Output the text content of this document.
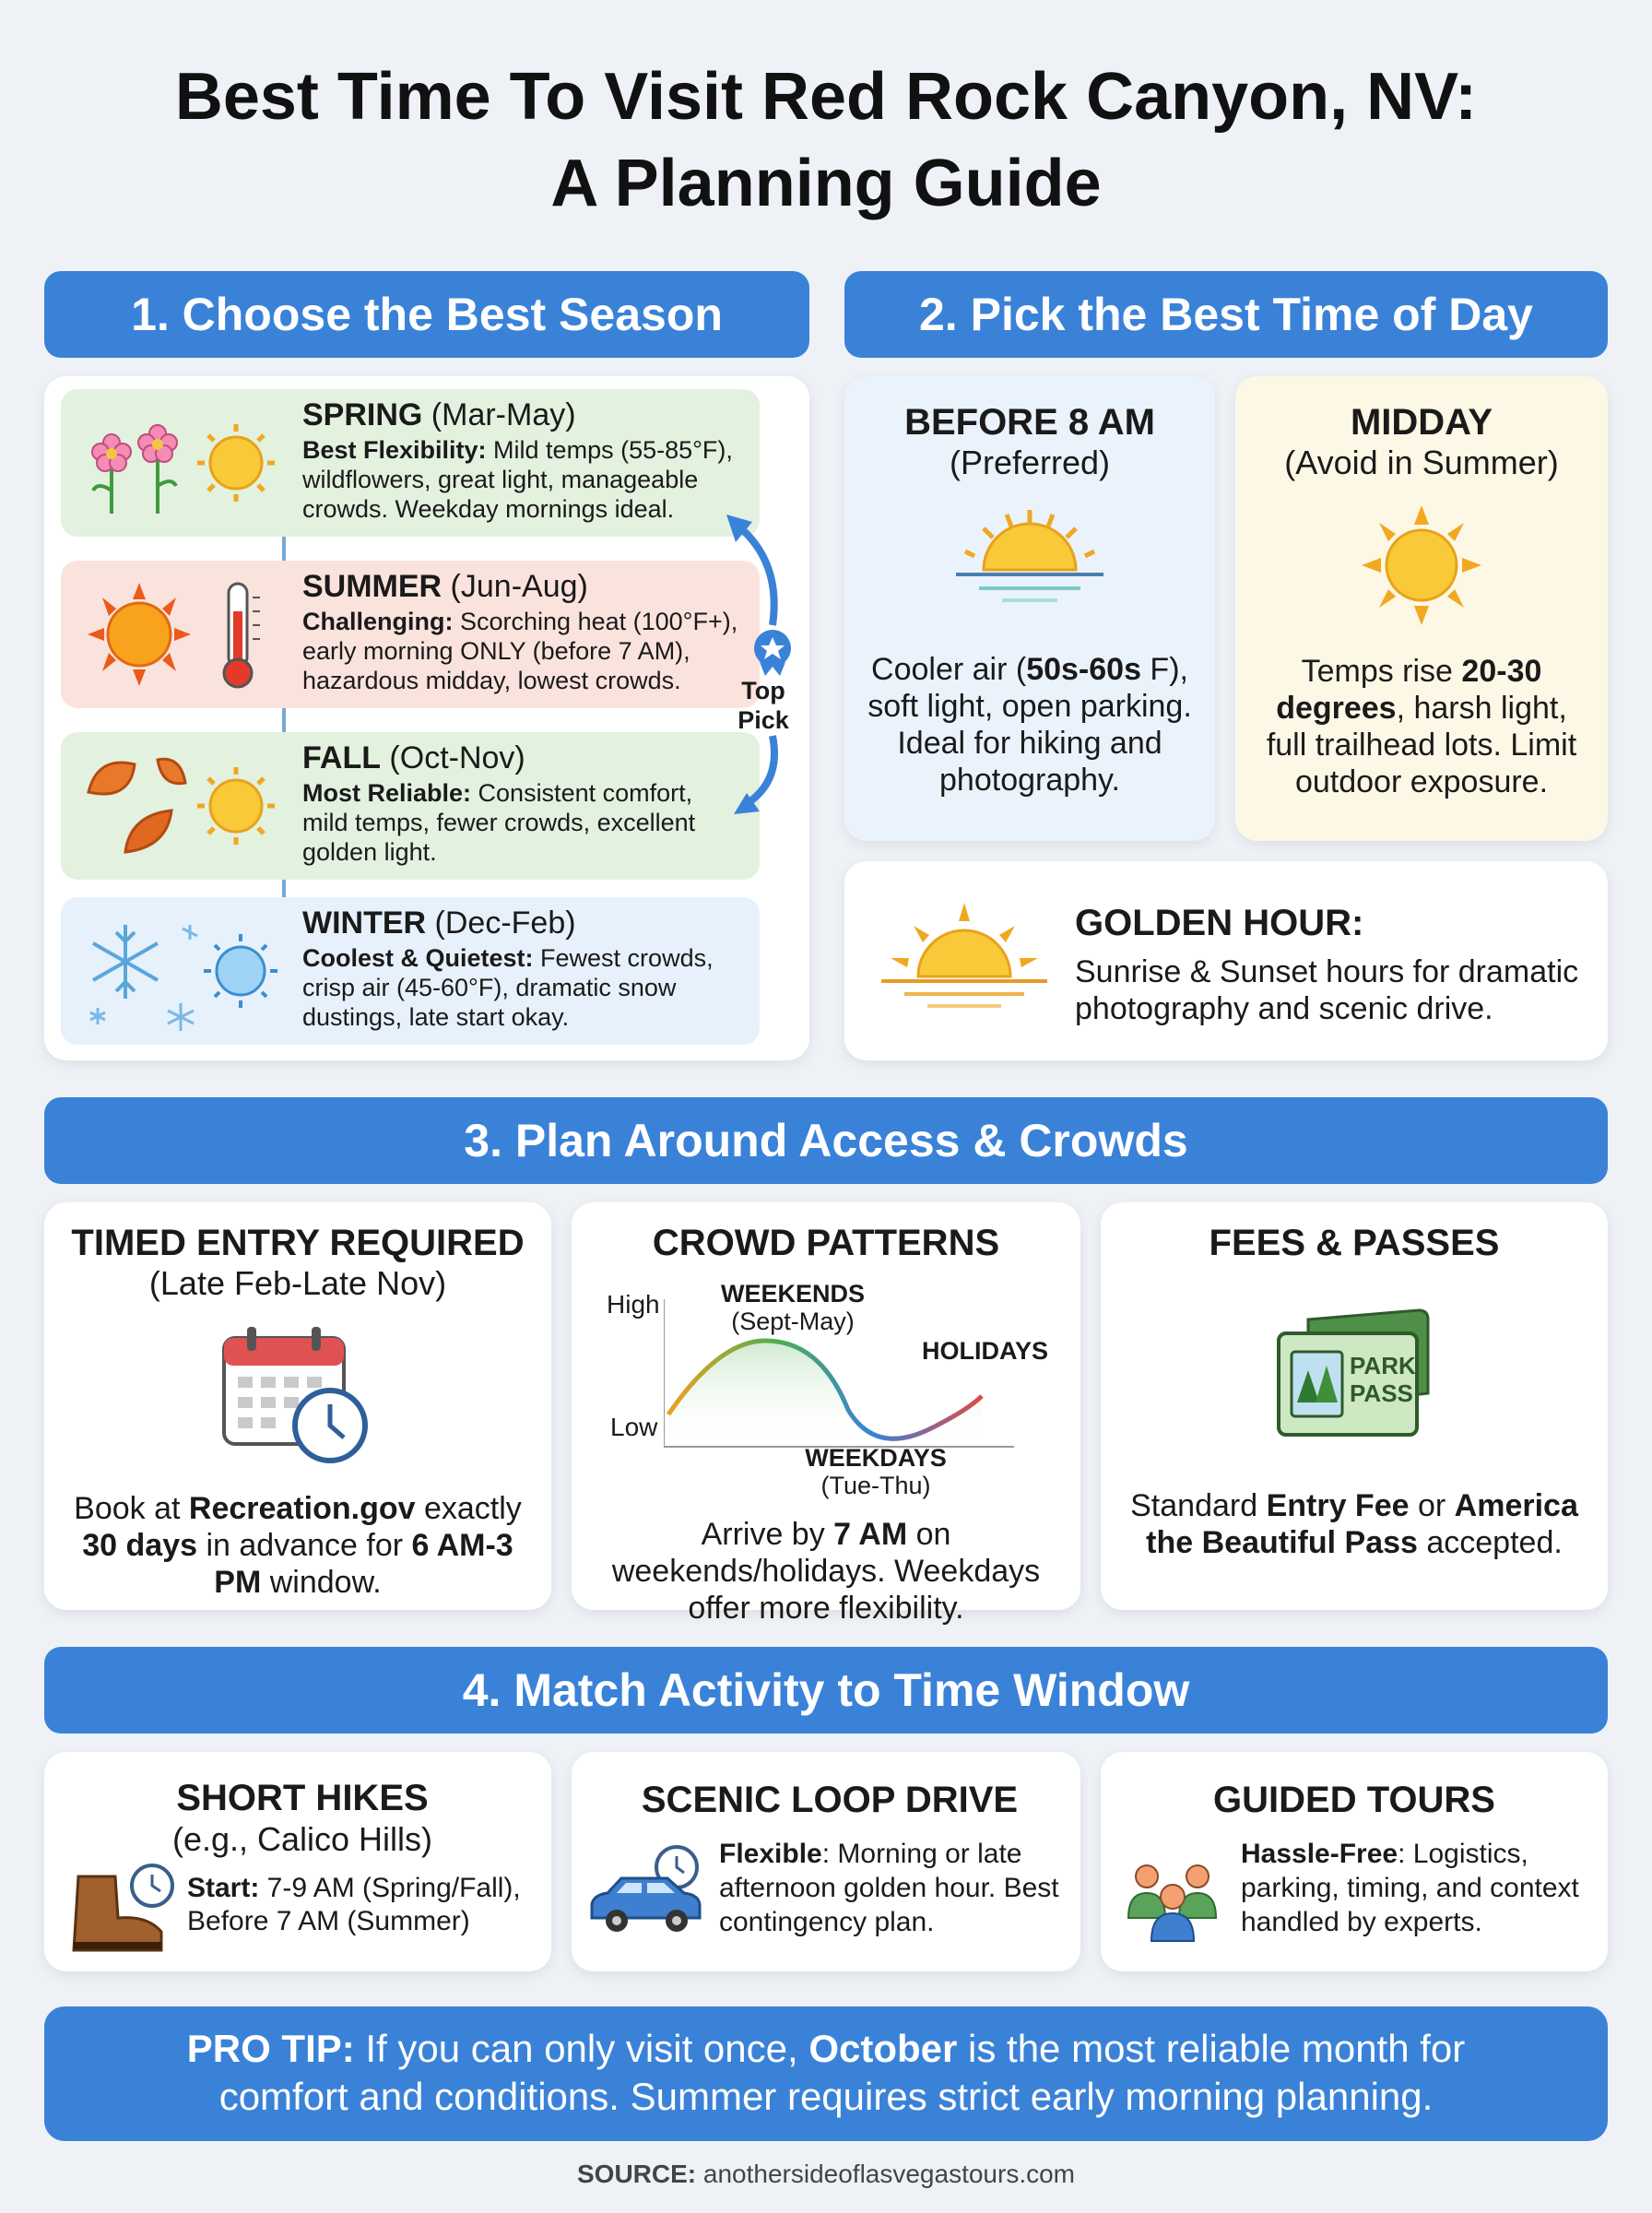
Best Time To Visit Red Rock Canyon, NV:
A Planning Guide
1. Choose the Best Season
SPRING (Mar-May)
Best Flexibility: Mild temps (55-85°F), wildflowers, great light, manageable crowds. Weekday mornings ideal.
SUMMER (Jun-Aug)
Challenging: Scorching heat (100°F+), early morning ONLY (before 7 AM), hazardous midday, lowest crowds.
FALL (Oct-Nov)
Most Reliable: Consistent comfort, mild temps, fewer crowds, excellent golden light.
WINTER (Dec-Feb)
Coolest & Quietest: Fewest crowds, crisp air (45-60°F), dramatic snow dustings, late start okay.
Top
Pick
2. Pick the Best Time of Day
BEFORE 8 AM
(Preferred)
Cooler air (50s-60s F), soft light, open parking. Ideal for hiking and photography.
MIDDAY
(Avoid in Summer)
Temps rise 20-30 degrees, harsh light, full trailhead lots. Limit outdoor exposure.
GOLDEN HOUR:
Sunrise & Sunset hours for dramatic photography and scenic drive.
3. Plan Around Access & Crowds
TIMED ENTRY REQUIRED
(Late Feb-Late Nov)
Book at Recreation.gov exactly 30 days in advance for 6 AM-3 PM window.
CROWD PATTERNS
High
Low
WEEKENDS
(Sept-May)
HOLIDAYS
WEEKDAYS
(Tue-Thu)
Arrive by 7 AM on weekends/holidays. Weekdays offer more flexibility.
FEES & PASSES
PARK
PASS
Standard Entry Fee or America the Beautiful Pass accepted.
4. Match Activity to Time Window
SHORT HIKES
(e.g., Calico Hills)
Start: 7-9 AM (Spring/Fall), Before 7 AM (Summer)
SCENIC LOOP DRIVE
Flexible: Morning or late afternoon golden hour. Best contingency plan.
GUIDED TOURS
Hassle-Free: Logistics, parking, timing, and context handled by experts.
PRO TIP: If you can only visit once, October is the most reliable month for comfort and conditions. Summer requires strict early morning planning.
SOURCE: anothersideoflasvegastours.com
